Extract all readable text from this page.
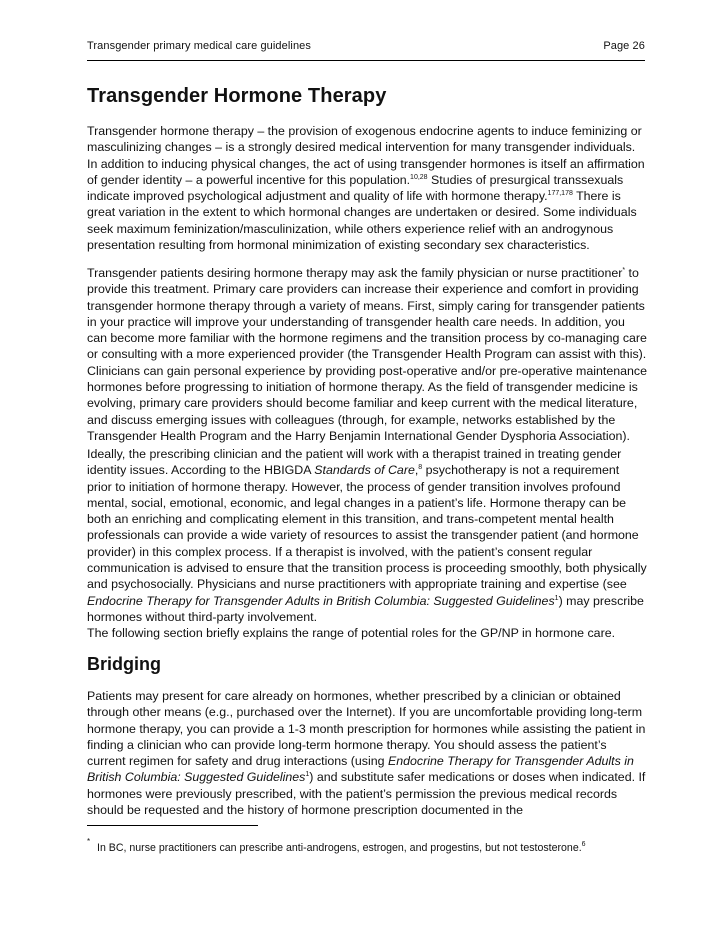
Transgender primary medical care guidelines	Page 26
Transgender Hormone Therapy

Transgender hormone therapy – the provision of exogenous endocrine agents to induce feminizing or masculinizing changes – is a strongly desired medical intervention for many transgender individuals. In addition to inducing physical changes, the act of using transgender hormones is itself an affirmation of gender identity – a powerful incentive for this population.$^{10,28}$ Studies of presurgical transsexuals indicate improved psychological adjustment and quality of life with hormone therapy.$^{177,178}$ There is great variation in the extent to which hormonal changes are undertaken or desired. Some individuals seek maximum feminization/masculinization, while others experience relief with an androgynous presentation resulting from hormonal minimization of existing secondary sex characteristics.

Transgender patients desiring hormone therapy may ask the family physician or nurse practitioner* to provide this treatment. Primary care providers can increase their experience and comfort in providing transgender hormone therapy through a variety of means. First, simply caring for transgender patients in your practice will improve your understanding of transgender health care needs. In addition, you can become more familiar with the hormone regimens and the transition process by co-managing care or consulting with a more experienced provider (the Transgender Health Program can assist with this). Clinicians can gain personal experience by providing post-operative and/or pre-operative maintenance hormones before progressing to initiation of hormone therapy. As the field of transgender medicine is evolving, primary care providers should become familiar and keep current with the medical literature, and discuss emerging issues with colleagues (through, for example, networks established by the Transgender Health Program and the Harry Benjamin International Gender Dysphoria Association).

Ideally, the prescribing clinician and the patient will work with a therapist trained in treating gender identity issues. According to the HBIGDA Standards of Care,$^8$ psychotherapy is not a requirement prior to initiation of hormone therapy. However, the process of gender transition involves profound mental, social, emotional, economic, and legal changes in a patient’s life. Hormone therapy can be both an enriching and complicating element in this transition, and trans-competent mental health professionals can provide a wide variety of resources to assist the transgender patient (and hormone provider) in this complex process. If a therapist is involved, with the patient’s consent regular communication is advised to ensure that the transition process is proceeding smoothly, both physically and psychosocially. Physicians and nurse practitioners with appropriate training and expertise (see Endocrine Therapy for Transgender Adults in British Columbia: Suggested Guidelines$^1$) may prescribe hormones without third-party involvement.

The following section briefly explains the range of potential roles for the GP/NP in hormone care.

Bridging

Patients may present for care already on hormones, whether prescribed by a clinician or obtained through other means (e.g., purchased over the Internet). If you are uncomfortable providing long-term hormone therapy, you can provide a 1-3 month prescription for hormones while assisting the patient in finding a clinician who can provide long-term hormone therapy. You should assess the patient’s current regimen for safety and drug interactions (using Endocrine Therapy for Transgender Adults in British Columbia: Suggested Guidelines$^1$) and substitute safer medications or doses when indicated. If hormones were previously prescribed, with the patient’s permission the previous medical records should be requested and the history of hormone prescription documented in the

*
In BC, nurse practitioners can prescribe anti-androgens, estrogen, and progestins, but not testosterone.$^6$
